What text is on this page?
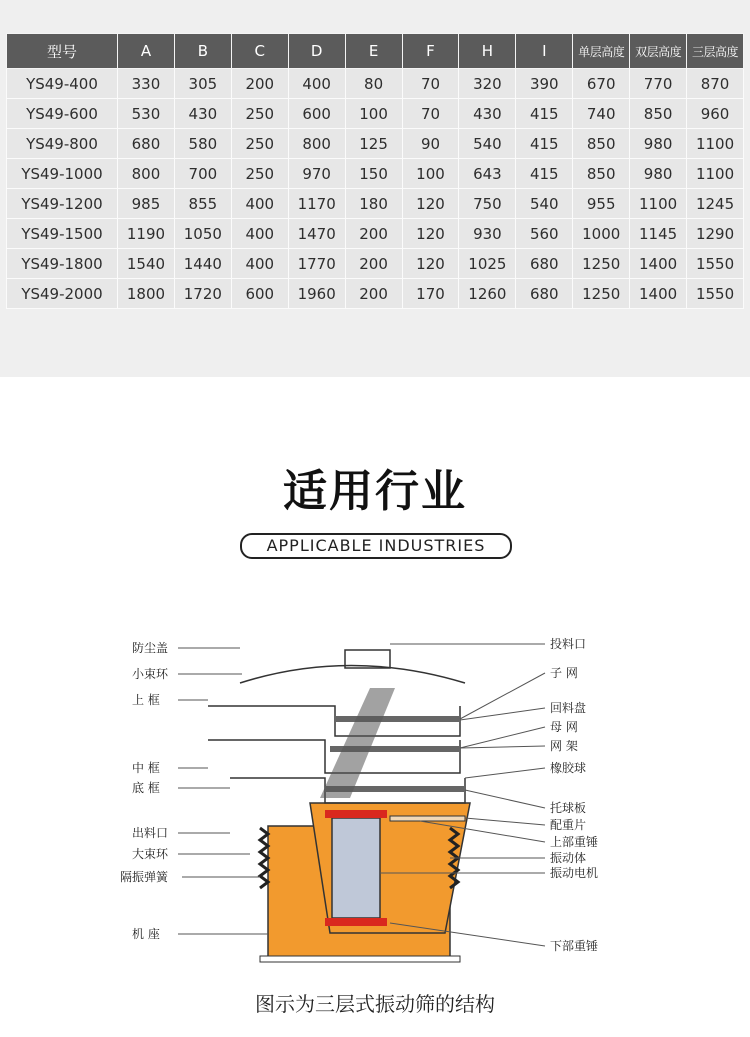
型号	A	B	C	D	E	F	H	I	单层高度	双层高度	三层高度
YS49-400	330	305	200	400	80	70	320	390	670	770	870
YS49-600	530	430	250	600	100	70	430	415	740	850	960
YS49-800	680	580	250	800	125	90	540	415	850	980	1100
YS49-1000	800	700	250	970	150	100	643	415	850	980	1100
YS49-1200	985	855	400	1170	180	120	750	540	955	1100	1245
YS49-1500	1190	1050	400	1470	200	120	930	560	1000	1145	1290
YS49-1800	1540	1440	400	1770	200	120	1025	680	1250	1400	1550
YS49-2000	1800	1720	600	1960	200	170	1260	680	1250	1400	1550
适用行业
APPLICABLE INDUSTRIES
防尘盖
小束环
上 框
中 框
底 框
出料口
大束环
隔振弹簧
机 座
投料口
子 网
回料盘
母 网
网 架
橡胶球
托球板
配重片
上部重锤
振动体
振动电机
下部重锤
图示为三层式振动筛的结构
